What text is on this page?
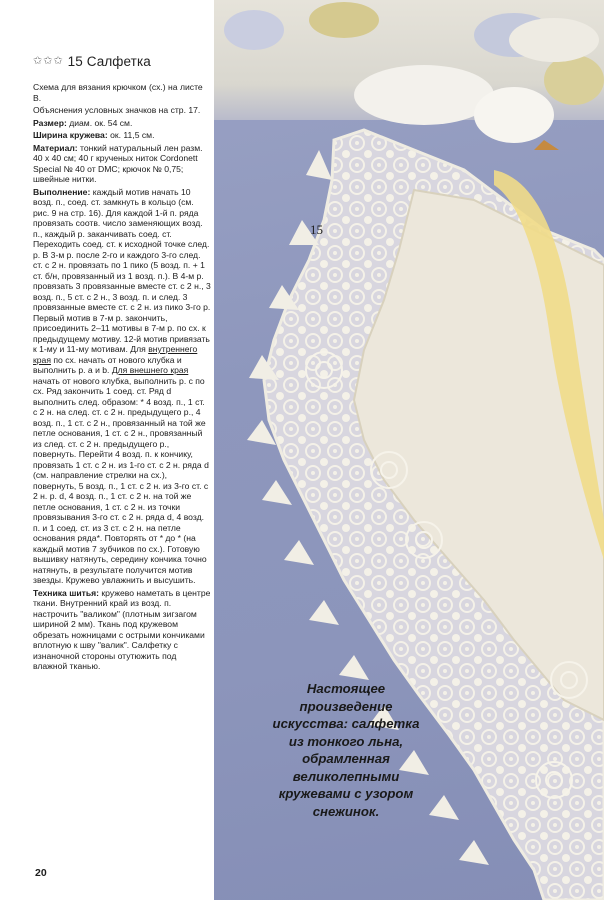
✩ ✩ ✩ 15 Салфетка

Схема для вязания крючком (сх.) на листе В.

Объяснения условных значков на стр. 17.

Размер: диам. ок. 54 см.

Ширина кружева: ок. 11,5 см.

Материал: тонкий натуральный лен разм. 40 х 40 см; 40 г крученых ниток Cordonett Special № 40 от DMC; крючок № 0,75; швейные нитки.

Выполнение: каждый мотив начать 10 возд. п., соед. ст. замкнуть в кольцо (см. рис. 9 на стр. 16). Для каждой 1-й п. ряда провязать соотв. число заменяющих возд. п., каждый р. заканчивать соед. ст. Переходить соед. ст. к исходной точке след. р. В 3-м р. после 2-го и каждого 3-го след. ст. с 2 н. провязать по 1 пико (5 возд. п. + 1 ст. б/н, провязанный из 1 возд. п.). В 4-м р. провязать 3 провязанные вместе ст. с 2 н., 3 возд. п., 5 ст. с 2 н., 3 возд. п. и след. 3 провязанные вместе ст. с 2 н. из пико 3-го р. Первый мотив в 7-м р. закончить, присоединить 2–11 мотивы в 7-м р. по сх. к предыдущему мотиву. 12-й мотив привязать к 1-му и 11-му мотивам. Для внутреннего края по сх. начать от нового клубка и выполнить р. a и b. Для внешнего края начать от нового клубка, выполнить р. c по сх. Ряд закончить 1 соед. ст. Ряд d выполнить след. образом: * 4 возд. п., 1 ст. с 2 н. на след. ст. с 2 н. предыдущего р., 4 возд. п., 1 ст. с 2 н., провязанный на той же петле основания, 1 ст. с 2 н., провязанный из след. ст. с 2 н. предыдущего р., повернуть. Перейти 4 возд. п. к кончику, провязать 1 ст. с 2 н. из 1-го ст. с 2 н. ряда d (см. направление стрелки на сх.), повернуть, 5 возд. п., 1 ст. с 2 н. из 3-го ст. с 2 н. р. d, 4 возд. п., 1 ст. с 2 н. на той же петле основания, 1 ст. с 2 н. из точки провязывания 3-го ст. с 2 н. ряда d, 4 возд. п. и 1 соед. ст. из 3 ст. с 2 н. на петле основания ряда*. Повторять от * до * (на каждый мотив 7 зубчиков по сх.). Готовую вышивку натянуть, середину кончика точно натянуть, в результате получится мотив звезды. Кружево увлажнить и высушить.

Техника шитья: кружево наметать в центре ткани. Внутренний край из возд. п. настрочить "валиком" (плотным зигзагом шириной 2 мм). Ткань под кружевом обрезать ножницами с острыми кончиками вплотную к шву "валик". Салфетку с изнаночной стороны отутюжить под влажной тканью.

20
15
Настоящее
произведение
искусства: салфетка
из тонкого льна,
обрамленная
великолепными
кружевами с узором
снежинок.
